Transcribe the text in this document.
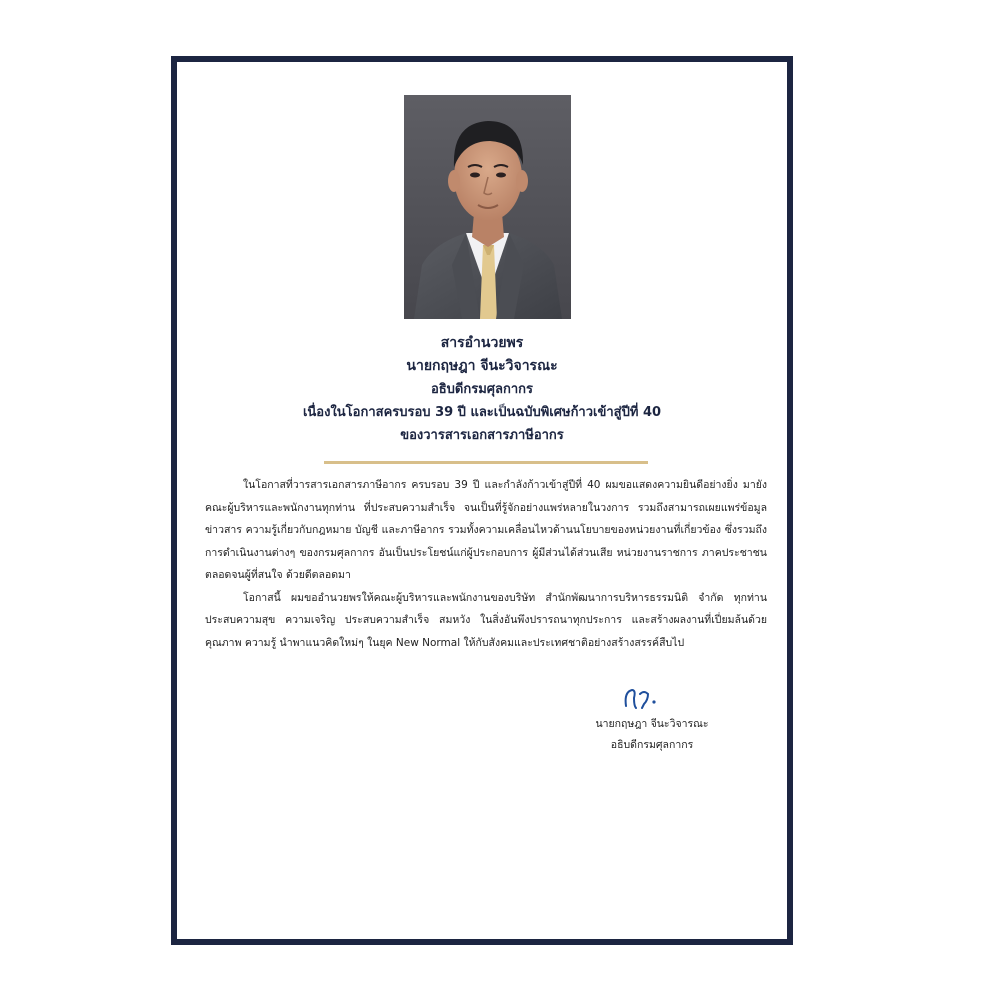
สารอำนวยพร
นายกฤษฎา จีนะวิจารณะ
อธิบดีกรมศุลกากร
เนื่องในโอกาสครบรอบ 39 ปี และเป็นฉบับพิเศษก้าวเข้าสู่ปีที่ 40
ของวารสารเอกสารภาษีอากร

ในโอกาสที่วารสารเอกสารภาษีอากร ครบรอบ 39 ปี และกำลังก้าวเข้าสู่ปีที่ 40 ผมขอแสดงความยินดีอย่างยิ่ง มายังคณะผู้บริหารและพนักงานทุกท่าน ที่ประสบความสำเร็จ จนเป็นที่รู้จักอย่างแพร่หลายในวงการ รวมถึงสามารถเผยแพร่ข้อมูล ข่าวสาร ความรู้เกี่ยวกับกฎหมาย บัญชี และภาษีอากร รวมทั้งความเคลื่อนไหวด้านนโยบายของหน่วยงานที่เกี่ยวข้อง ซึ่งรวมถึงการดำเนินงานต่างๆ ของกรมศุลกากร อันเป็นประโยชน์แก่ผู้ประกอบการ ผู้มีส่วนได้ส่วนเสีย หน่วยงานราชการ ภาคประชาชน ตลอดจนผู้ที่สนใจ ด้วยดีตลอดมา

โอกาสนี้ ผมขออำนวยพรให้คณะผู้บริหารและพนักงานของบริษัท สำนักพัฒนาการบริหารธรรมนิติ จำกัด ทุกท่าน ประสบความสุข ความเจริญ ประสบความสำเร็จ สมหวัง ในสิ่งอันพึงปรารถนาทุกประการ และสร้างผลงานที่เปี่ยมล้นด้วยคุณภาพ ความรู้ นำพาแนวคิดใหม่ๆ ในยุค New Normal ให้กับสังคมและประเทศชาติอย่างสร้างสรรค์สืบไป

นายกฤษฎา จีนะวิจารณะ
อธิบดีกรมศุลกากร
